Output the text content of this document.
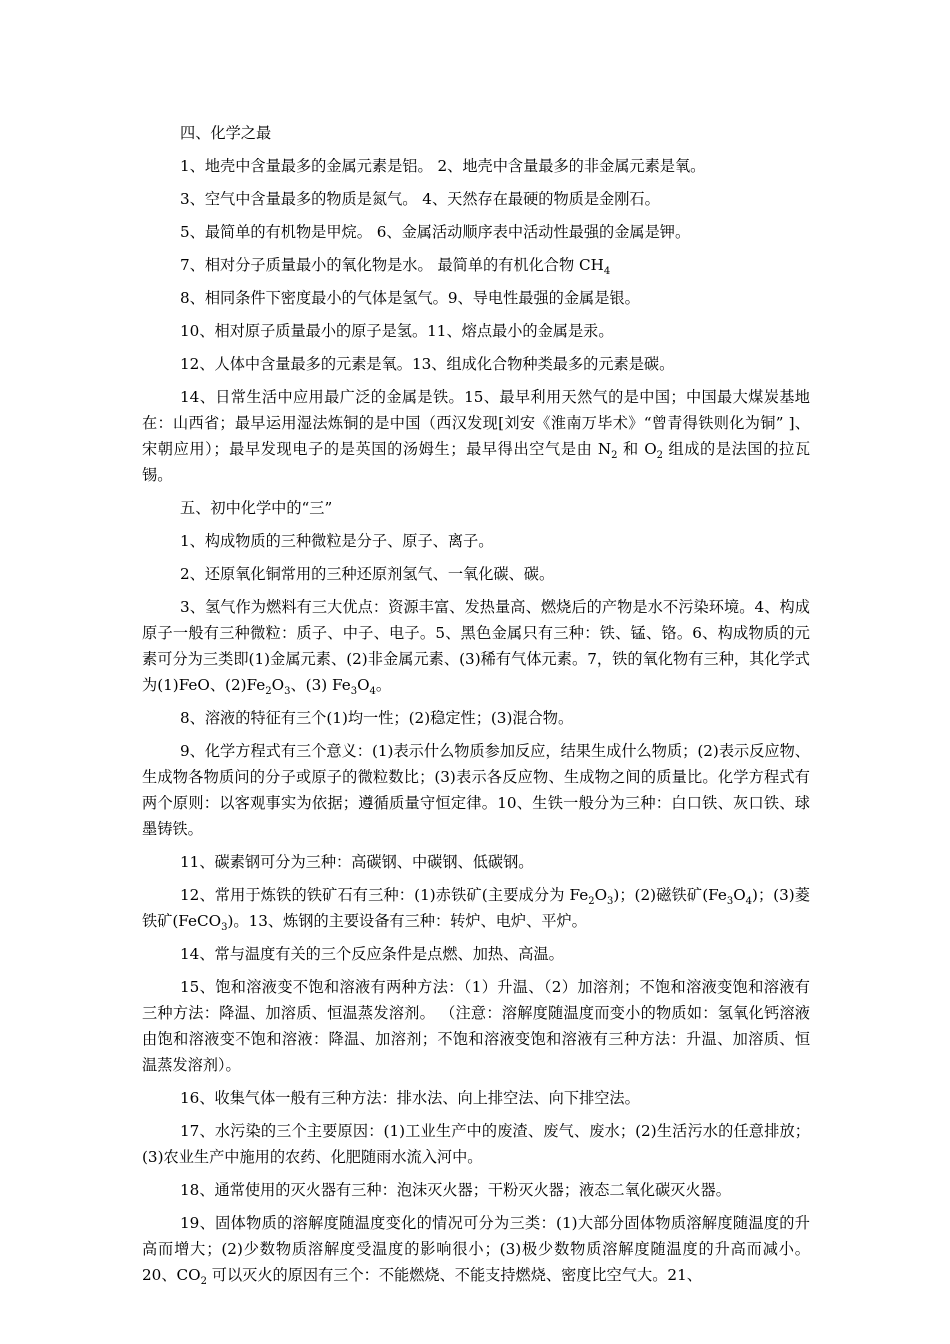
四、化学之最

1、地壳中含量最多的金属元素是铝。 2、地壳中含量最多的非金属元素是氧。

3、空气中含量最多的物质是氮气。 4、天然存在最硬的物质是金刚石。

5、最简单的有机物是甲烷。 6、金属活动顺序表中活动性最强的金属是钾。

7、相对分子质量最小的氧化物是水。 最简单的有机化合物 $CH_4$

8、相同条件下密度最小的气体是氢气。9、导电性最强的金属是银。

10、相对原子质量最小的原子是氢。11、熔点最小的金属是汞。

12、人体中含量最多的元素是氧。13、组成化合物种类最多的元素是碳。

14、日常生活中应用最广泛的金属是铁。15、最早利用天然气的是中国；中国最大煤炭基地在：山西省；最早运用湿法炼铜的是中国（西汉发现[刘安《淮南万毕术》“曾青得铁则化为铜” ]、宋朝应用）；最早发现电子的是英国的汤姆生；最早得出空气是由 $N_2$ 和 $O_2$ 组成的是法国的拉瓦锡。

五、初中化学中的“三”

1、构成物质的三种微粒是分子、原子、离子。

2、还原氧化铜常用的三种还原剂氢气、一氧化碳、碳。

3、氢气作为燃料有三大优点：资源丰富、发热量高、燃烧后的产物是水不污染环境。4、构成原子一般有三种微粒：质子、中子、电子。5、黑色金属只有三种：铁、锰、铬。6、构成物质的元素可分为三类即(1)金属元素、(2)非金属元素、(3)稀有气体元素。7，铁的氧化物有三种，其化学式为(1)FeO、$(2)Fe_2O_3$、(3) $Fe_3O_4$。

8、溶液的特征有三个(1)均一性；(2)稳定性；(3)混合物。

9、化学方程式有三个意义：(1)表示什么物质参加反应，结果生成什么物质；(2)表示反应物、生成物各物质问的分子或原子的微粒数比；(3)表示各反应物、生成物之间的质量比。化学方程式有两个原则：以客观事实为依据；遵循质量守恒定律。10、生铁一般分为三种：白口铁、灰口铁、球墨铸铁。

11、碳素钢可分为三种：高碳钢、中碳钢、低碳钢。

12、常用于炼铁的铁矿石有三种：(1)赤铁矿(主要成分为 $Fe_2O_3$)；(2)磁铁矿$(Fe_3O_4)$；(3)菱铁矿(FeCO$_3$)。13、炼钢的主要设备有三种：转炉、电炉、平炉。

14、常与温度有关的三个反应条件是点燃、加热、高温。

15、饱和溶液变不饱和溶液有两种方法：（1）升温、（2）加溶剂；不饱和溶液变饱和溶液有三种方法：降温、加溶质、恒温蒸发溶剂。 （注意：溶解度随温度而变小的物质如：氢氧化钙溶液由饱和溶液变不饱和溶液：降温、加溶剂；不饱和溶液变饱和溶液有三种方法：升温、加溶质、恒温蒸发溶剂）。

16、收集气体一般有三种方法：排水法、向上排空法、向下排空法。

17、水污染的三个主要原因：(1)工业生产中的废渣、废气、废水；(2)生活污水的任意排放；(3)农业生产中施用的农药、化肥随雨水流入河中。

18、通常使用的灭火器有三种：泡沫灭火器；干粉灭火器；液态二氧化碳灭火器。

19、固体物质的溶解度随温度变化的情况可分为三类：(1)大部分固体物质溶解度随温度的升高而增大；(2)少数物质溶解度受温度的影响很小；(3)极少数物质溶解度随温度的升高而减小。20、$CO_2$ 可以灭火的原因有三个：不能燃烧、不能支持燃烧、密度比空气大。21、
